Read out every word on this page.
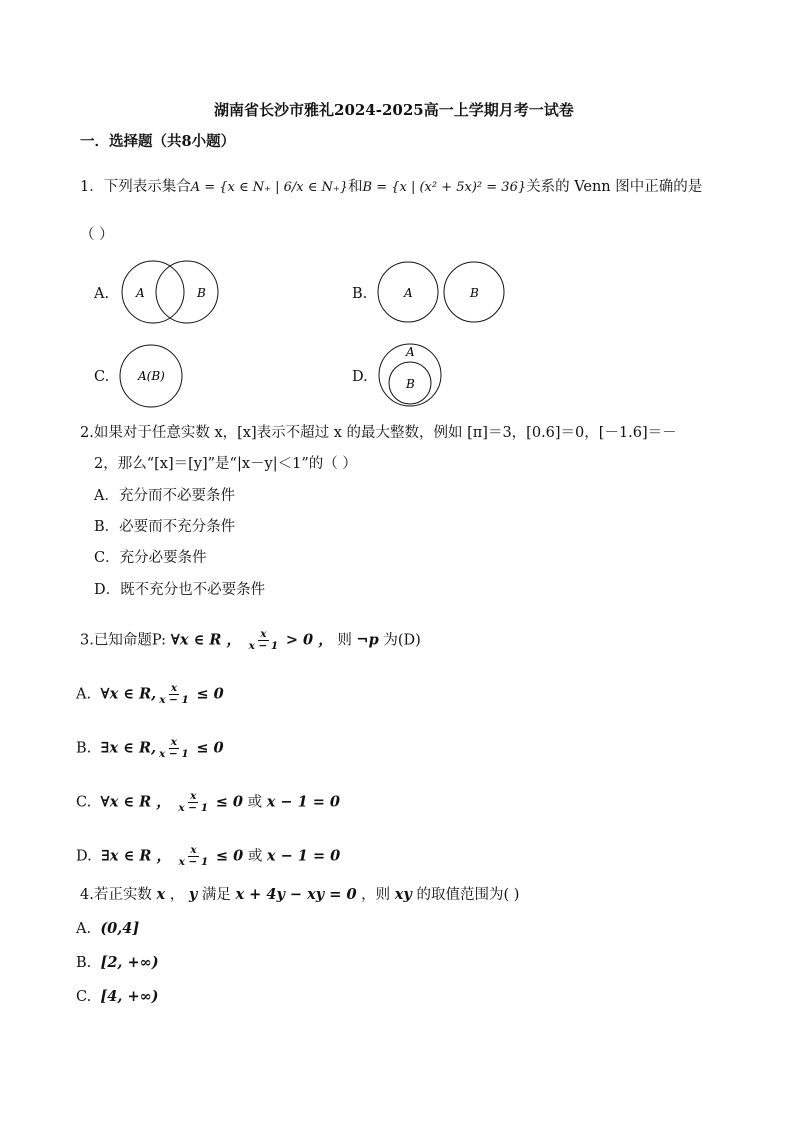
湖南省长沙市雅礼2024-2025高一上学期月考一试卷
一．选择题（共8小题）
1．下列表示集合A = {x ∈ N₊ | 6/x ∈ N₊}和B = {x | (x² + 5x)² = 36}关系的 Venn 图中正确的是
（ ）
A. A	B	B.	A	B
C. A(B)	D.
A
B
2.如果对于任意实数 x，[x]表示不超过 x 的最大整数，例如 [π]＝3，[0.6]＝0，[－1.6]＝－
2，那么“[x]＝[y]”是“|x－y|＜1”的（ ）
A．充分而不必要条件
B．必要而不充分条件
C．充分必要条件
D．既不充分也不必要条件
3.已知命题P: ∀x ∈ R ， $\frac{x}{x - 1} > 0$ ， 则 ¬p 为(D)
A. ∀x ∈ R, $\frac{x}{x - 1} \le 0$
B. ∃x ∈ R, $\frac{x}{x - 1} \le 0$
C. ∀x ∈ R ， $\frac{x}{x - 1} \le 0$ 或 x − 1 = 0
D. ∃x ∈ R ， $\frac{x}{x - 1} \le 0$ 或 x − 1 = 0
4.若正实数 x ， y 满足 x + 4y − xy = 0 ，则 xy 的取值范围为( )
A. (0,4]
B. [2, +∞)
C. [4, +∞)
